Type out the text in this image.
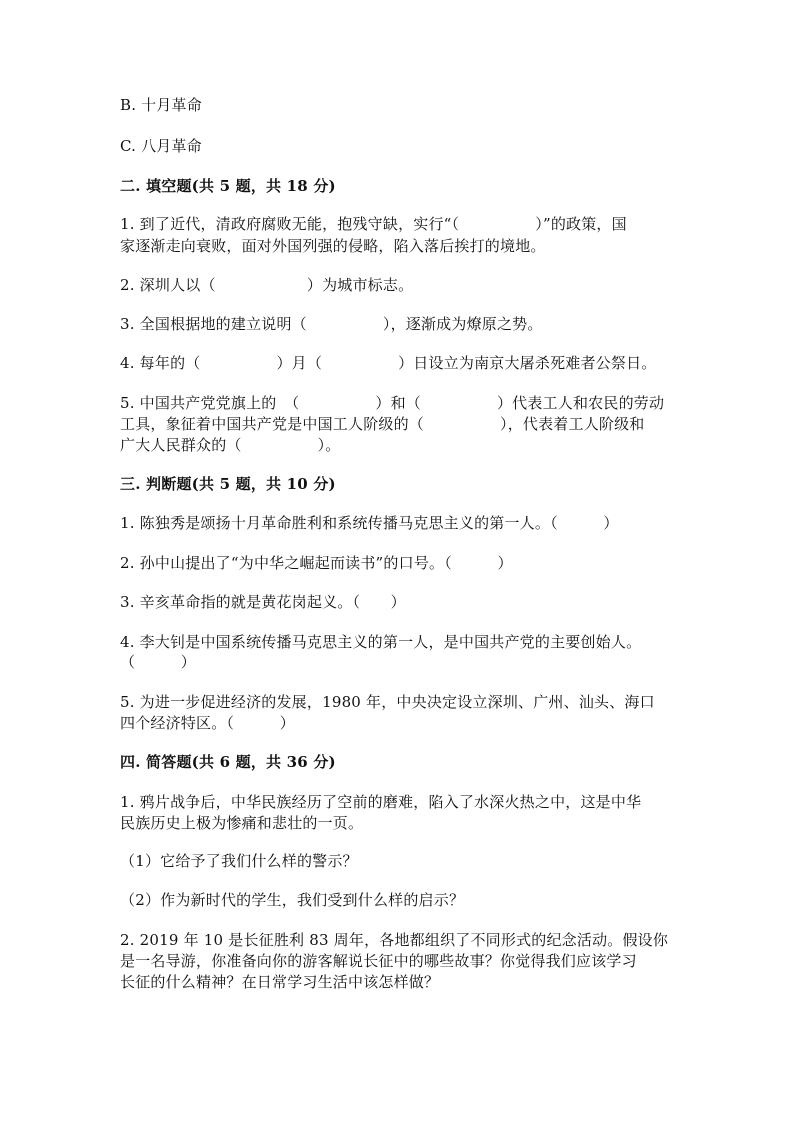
B. 十月革命
C. 八月革命
二. 填空题(共 5 题，共 18 分)
1. 到了近代，清政府腐败无能，抱残守缺，实行“（　　　　　）”的政策，国
家逐渐走向衰败，面对外国列强的侵略，陷入落后挨打的境地。
2. 深圳人以（　　　　　　）为城市标志。
3. 全国根据地的建立说明（　　　　　），逐渐成为燎原之势。
4. 每年的（　　　　　）月（　　　　　）日设立为南京大屠杀死难者公祭日。
5. 中国共产党党旗上的　（　　　　　）和（　　　　　）代表工人和农民的劳动
工具，象征着中国共产党是中国工人阶级的（　　　　　），代表着工人阶级和
广大人民群众的（　　　　　）。
三. 判断题(共 5 题，共 10 分)
1. 陈独秀是颂扬十月革命胜利和系统传播马克思主义的第一人。（　　　）
2. 孙中山提出了“为中华之崛起而读书”的口号。（　　　）
3. 辛亥革命指的就是黄花岗起义。（　　）
4. 李大钊是中国系统传播马克思主义的第一人，是中国共产党的主要创始人。
（　　　）
5. 为进一步促进经济的发展，1980 年，中央决定设立深圳、广州、汕头、海口
四个经济特区。（　　　）
四. 简答题(共 6 题，共 36 分)
1. 鸦片战争后，中华民族经历了空前的磨难，陷入了水深火热之中，这是中华
民族历史上极为惨痛和悲壮的一页。
（1）它给予了我们什么样的警示？
（2）作为新时代的学生，我们受到什么样的启示？
2. 2019 年 10 是长征胜利 83 周年，各地都组织了不同形式的纪念活动。假设你
是一名导游，你准备向你的游客解说长征中的哪些故事？你觉得我们应该学习
长征的什么精神？在日常学习生活中该怎样做？
